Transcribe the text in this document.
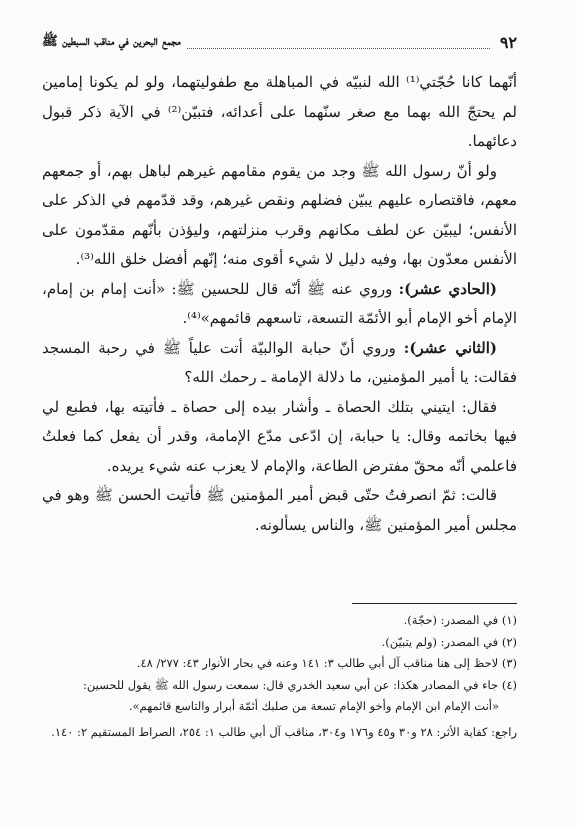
٩٢
مجمع البحرين في مناقب السبطين ﷺ

أنّهما كانا حُجّتي⁽¹⁾ الله لنبيّه في المباهلة مع طفوليتهما، ولو لم يكونا إمامين لم يحتجّ الله بهما مع صغر سنّهما على أعدائه، فتبيّن⁽²⁾ في الآية ذكر قبول دعائهما.

ولو أنّ رسول الله ﷺ وجد من يقوم مقامهم غيرهم لباهل بهم، أو جمعهم معهم، فاقتصاره عليهم يبيّن فضلهم ونقص غيرهم، وقد قدّمهم في الذكر على الأنفس؛ ليبيّن عن لطف مكانهم وقرب منزلتهم، وليؤذن بأنّهم مقدّمون على الأنفس معدّون بها، وفيه دليل لا شيء أقوى منه؛ إنّهم أفضل خلق الله⁽³⁾.

(الحادي عشر): وروي عنه ﷺ أنّه قال للحسين ﷺ: «أنت إمام بن إمام، الإمام أخو الإمام أبو الأئمّة التسعة، تاسعهم قائمهم»⁽⁴⁾.

(الثاني عشر): وروي أنّ حبابة الوالبيّة أتت علياً ﷺ في رحبة المسجد فقالت: يا أمير المؤمنين، ما دلالة الإمامة ـ رحمك الله؟

فقال: ايتيني بتلك الحصاة ـ وأشار بيده إلى حصاة ـ فأتيته بها، فطبع لي فيها بخاتمه وقال: يا حبابة، إن ادّعى مدّع الإمامة، وقدر أن يفعل كما فعلتُ فاعلمي أنّه محقّ مفترض الطاعة، والإمام لا يعزب عنه شيء يريده.

قالت: ثمّ انصرفتُ حتّى قبض أمير المؤمنين ﷺ فأتيت الحسن ﷺ وهو في مجلس أمير المؤمنين ﷺ، والناس يسألونه.

(١) في المصدر: (حجّة).

(٢) في المصدر: (ولم يتبيّن).

(٣) لاحظ إلى هنا مناقب آل أبي طالب ٣: ١٤١ وعنه في بحار الأنوار ٤٣: ٢٧٧/ ٤٨.

(٤) جاء في المصادر هكذا: عن أبي سعيد الخدري قال: سمعت رسول الله ﷺ يقول للحسين:

«أنت الإمام ابن الإمام وأخو الإمام تسعة من صلبك أئمّة أبرار والتاسع قائمهم».

راجع: كفاية الأثر: ٢٨ و٣٠ و٤٥ و١٧٦ و٣٠٤، مناقب آل أبي طالب ١: ٢٥٤، الصراط المستقيم ٢: ١٤٠.
